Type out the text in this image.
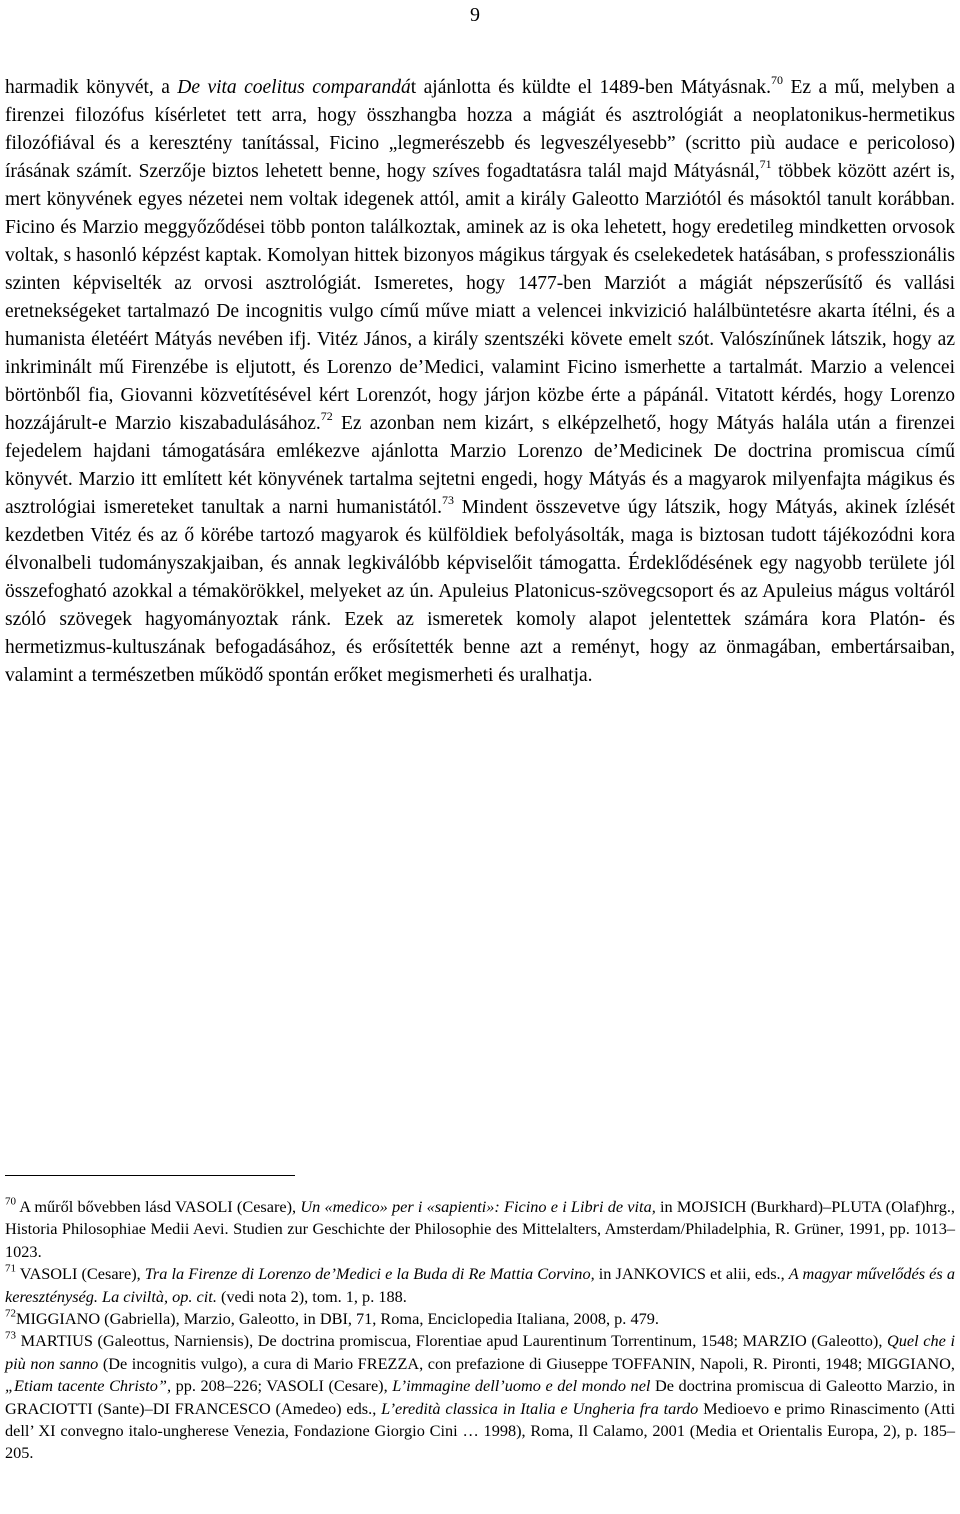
9

harmadik könyvét, a De vita coelitus comparandát ajánlotta és küldte el 1489-ben Mátyásnak.$^{70}$ Ez a mű, melyben a firenzei filozófus kísérletet tett arra, hogy összhangba hozza a mágiát és asztrológiát a neoplatonikus-hermetikus filozófiával és a keresztény tanítással, Ficino „legmerészebb és legveszélyesebb” (scritto più audace e pericoloso) írásának számít. Szerzője biztos lehetett benne, hogy szíves fogadtatásra talál majd Mátyásnál,$^{71}$ többek között azért is, mert könyvének egyes nézetei nem voltak idegenek attól, amit a király Galeotto Marziótól és másoktól tanult korábban. Ficino és Marzio meggyőződései több ponton találkoztak, aminek az is oka lehetett, hogy eredetileg mindketten orvosok voltak, s hasonló képzést kaptak. Komolyan hittek bizonyos mágikus tárgyak és cselekedetek hatásában, s professzionális szinten képviselték az orvosi asztrológiát. Ismeretes, hogy 1477-ben Marziót a mágiát népszerűsítő és vallási eretnekségeket tartalmazó De incognitis vulgo című műve miatt a velencei inkvizició halálbüntetésre akarta ítélni, és a humanista életéért Mátyás nevében ifj. Vitéz János, a király szentszéki követe emelt szót. Valószínűnek látszik, hogy az inkriminált mű Firenzébe is eljutott, és Lorenzo de’Medici, valamint Ficino ismerhette a tartalmát. Marzio a velencei börtönből fia, Giovanni közvetítésével kért Lorenzót, hogy járjon közbe érte a pápánál. Vitatott kérdés, hogy Lorenzo hozzájárult-e Marzio kiszabadulásához.$^{72}$ Ez azonban nem kizárt, s elképzelhető, hogy Mátyás halála után a firenzei fejedelem hajdani támogatására emlékezve ajánlotta Marzio Lorenzo de’Medicinek De doctrina promiscua című könyvét. Marzio itt említett két könyvének tartalma sejtetni engedi, hogy Mátyás és a magyarok milyenfajta mágikus és asztrológiai ismereteket tanultak a narni humanistától.$^{73}$ Mindent összevetve úgy látszik, hogy Mátyás, akinek ízlését kezdetben Vitéz és az ő körébe tartozó magyarok és külföldiek befolyásolták, maga is biztosan tudott tájékozódni kora élvonalbeli tudományszakjaiban, és annak legkiválóbb képviselőit támogatta. Érdeklődésének egy nagyobb területe jól összefogható azokkal a témakörökkel, melyeket az ún. Apuleius Platonicus-szövegcsoport és az Apuleius mágus voltáról szóló szövegek hagyományoztak ránk. Ezek az ismeretek komoly alapot jelentettek számára kora Platón- és hermetizmus-kultuszának befogadásához, és erősítették benne azt a reményt, hogy az önmagában, embertársaiban, valamint a természetben működő spontán erőket megismerheti és uralhatja.

$^{70}$ A műről bővebben lásd VASOLI (Cesare), Un «medico» per i «sapienti»: Ficino e i Libri de vita, in MOJSICH (Burkhard)–PLUTA (Olaf)hrg., Historia Philosophiae Medii Aevi. Studien zur Geschichte der Philosophie des Mittelalters, Amsterdam/Philadelphia, R. Grüner, 1991, pp. 1013–1023.

$^{71}$ VASOLI (Cesare), Tra la Firenze di Lorenzo de’Medici e la Buda di Re Mattia Corvino, in JANKOVICS et alii, eds., A magyar művelődés és a kereszténység. La civiltà, op. cit. (vedi nota 2), tom. 1, p. 188.

$^{72}$MIGGIANO (Gabriella), Marzio, Galeotto, in DBI, 71, Roma, Enciclopedia Italiana, 2008, p. 479.

$^{73}$ MARTIUS (Galeottus, Narniensis), De doctrina promiscua, Florentiae apud Laurentinum Torrentinum, 1548; MARZIO (Galeotto), Quel che i più non sanno (De incognitis vulgo), a cura di Mario FREZZA, con prefazione di Giuseppe TOFFANIN, Napoli, R. Pironti, 1948; MIGGIANO, „Etiam tacente Christo”, pp. 208–226; VASOLI (Cesare), L’immagine dell’uomo e del mondo nel De doctrina promiscua di Galeotto Marzio, in GRACIOTTI (Sante)–DI FRANCESCO (Amedeo) eds., L’eredità classica in Italia e Ungheria fra tardo Medioevo e primo Rinascimento (Atti dell’ XI convegno italo-ungherese Venezia, Fondazione Giorgio Cini … 1998), Roma, Il Calamo, 2001 (Media et Orientalis Europa, 2), p. 185–205.
